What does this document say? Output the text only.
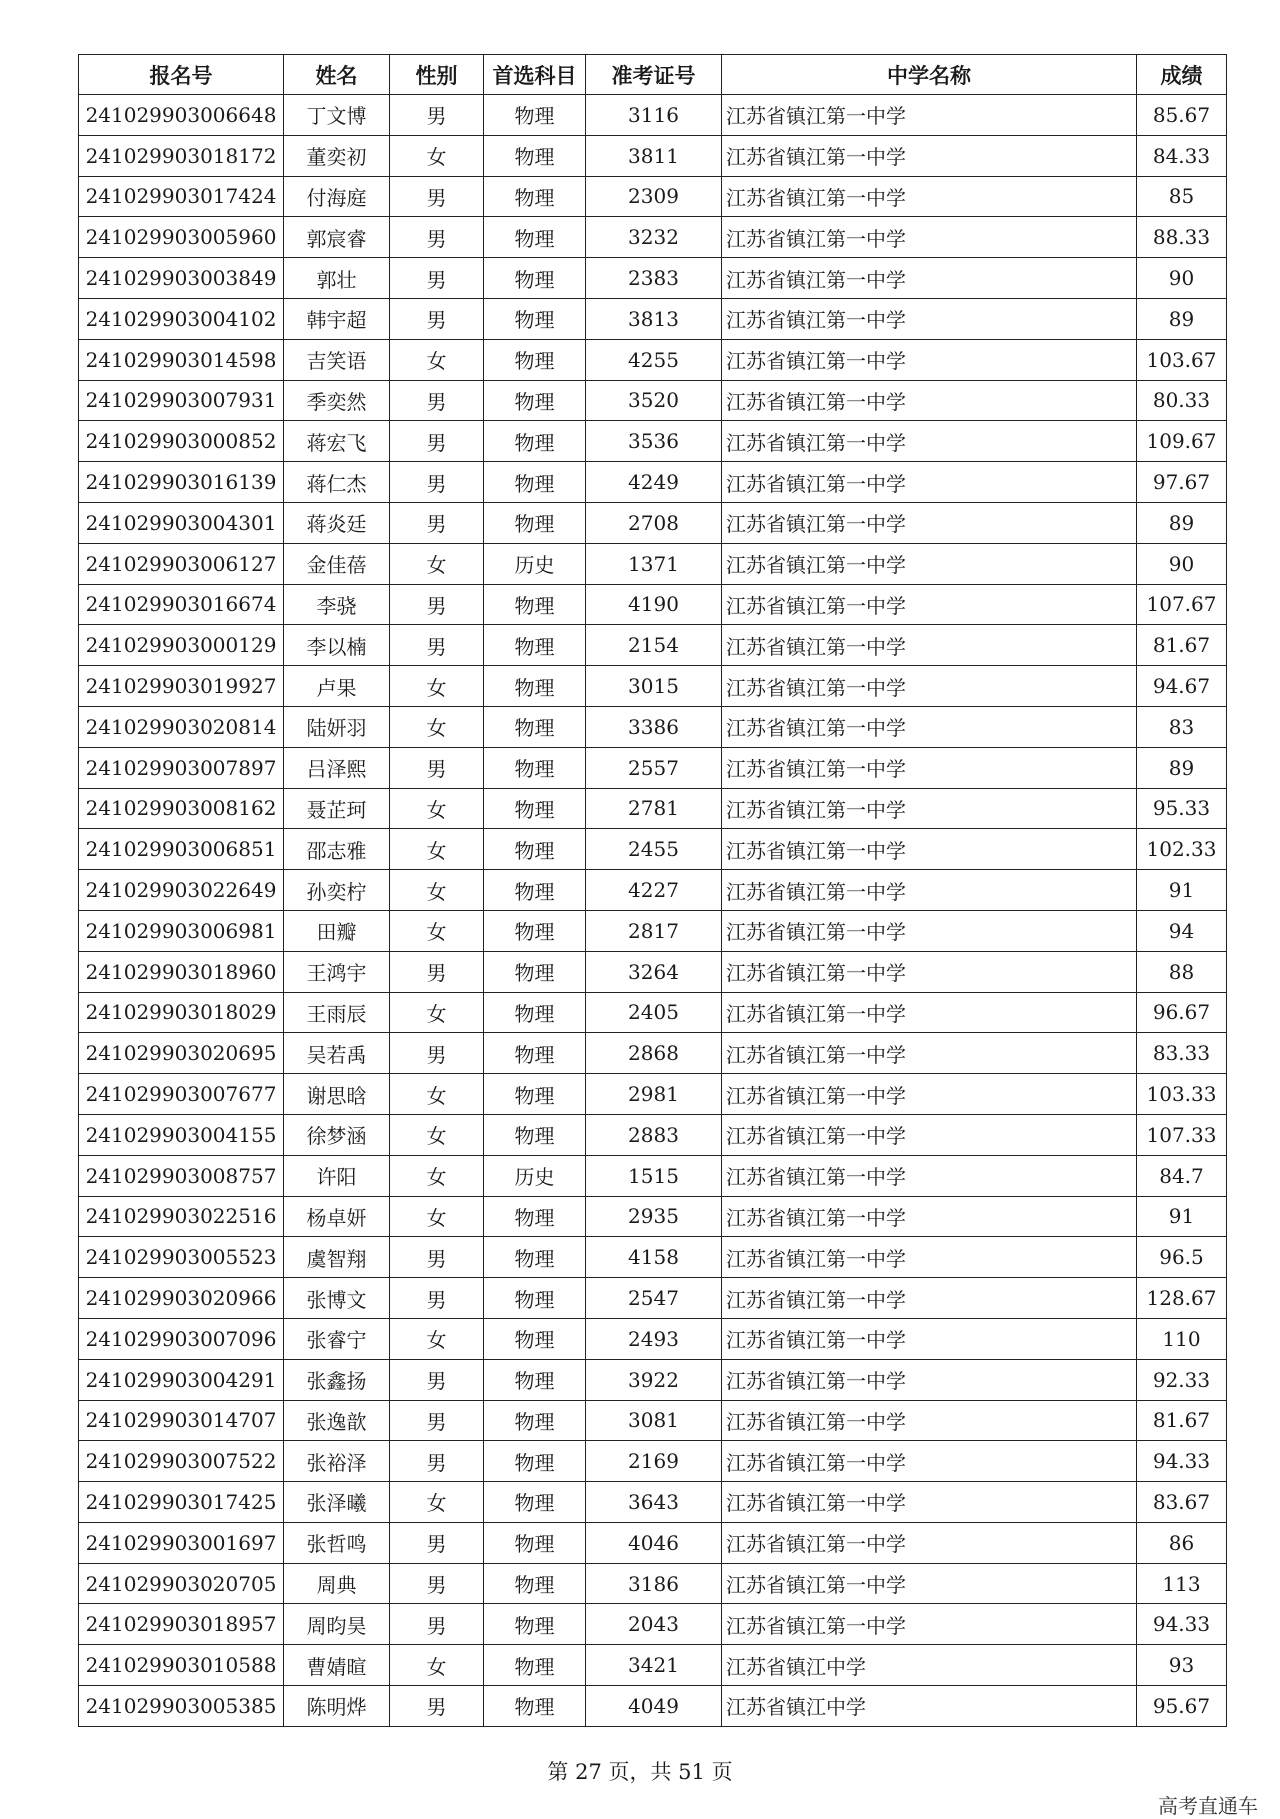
报名号	姓名	性别	首选科目	准考证号	中学名称	成绩
241029903006648	丁文博	男	物理	3116	江苏省镇江第一中学	85.67
241029903018172	董奕初	女	物理	3811	江苏省镇江第一中学	84.33
241029903017424	付海庭	男	物理	2309	江苏省镇江第一中学	85
241029903005960	郭宸睿	男	物理	3232	江苏省镇江第一中学	88.33
241029903003849	郭壮	男	物理	2383	江苏省镇江第一中学	90
241029903004102	韩宇超	男	物理	3813	江苏省镇江第一中学	89
241029903014598	吉笑语	女	物理	4255	江苏省镇江第一中学	103.67
241029903007931	季奕然	男	物理	3520	江苏省镇江第一中学	80.33
241029903000852	蒋宏飞	男	物理	3536	江苏省镇江第一中学	109.67
241029903016139	蒋仁杰	男	物理	4249	江苏省镇江第一中学	97.67
241029903004301	蒋炎廷	男	物理	2708	江苏省镇江第一中学	89
241029903006127	金佳蓓	女	历史	1371	江苏省镇江第一中学	90
241029903016674	李骁	男	物理	4190	江苏省镇江第一中学	107.67
241029903000129	李以楠	男	物理	2154	江苏省镇江第一中学	81.67
241029903019927	卢果	女	物理	3015	江苏省镇江第一中学	94.67
241029903020814	陆妍羽	女	物理	3386	江苏省镇江第一中学	83
241029903007897	吕泽熙	男	物理	2557	江苏省镇江第一中学	89
241029903008162	聂芷珂	女	物理	2781	江苏省镇江第一中学	95.33
241029903006851	邵志雅	女	物理	2455	江苏省镇江第一中学	102.33
241029903022649	孙奕柠	女	物理	4227	江苏省镇江第一中学	91
241029903006981	田瓣	女	物理	2817	江苏省镇江第一中学	94
241029903018960	王鸿宇	男	物理	3264	江苏省镇江第一中学	88
241029903018029	王雨辰	女	物理	2405	江苏省镇江第一中学	96.67
241029903020695	吴若禹	男	物理	2868	江苏省镇江第一中学	83.33
241029903007677	谢思晗	女	物理	2981	江苏省镇江第一中学	103.33
241029903004155	徐梦涵	女	物理	2883	江苏省镇江第一中学	107.33
241029903008757	许阳	女	历史	1515	江苏省镇江第一中学	84.7
241029903022516	杨卓妍	女	物理	2935	江苏省镇江第一中学	91
241029903005523	虞智翔	男	物理	4158	江苏省镇江第一中学	96.5
241029903020966	张博文	男	物理	2547	江苏省镇江第一中学	128.67
241029903007096	张睿宁	女	物理	2493	江苏省镇江第一中学	110
241029903004291	张鑫扬	男	物理	3922	江苏省镇江第一中学	92.33
241029903014707	张逸歆	男	物理	3081	江苏省镇江第一中学	81.67
241029903007522	张裕泽	男	物理	2169	江苏省镇江第一中学	94.33
241029903017425	张泽曦	女	物理	3643	江苏省镇江第一中学	83.67
241029903001697	张哲鸣	男	物理	4046	江苏省镇江第一中学	86
241029903020705	周典	男	物理	3186	江苏省镇江第一中学	113
241029903018957	周昀昊	男	物理	2043	江苏省镇江第一中学	94.33
241029903010588	曹婧暄	女	物理	3421	江苏省镇江中学	93
241029903005385	陈明烨	男	物理	4049	江苏省镇江中学	95.67
第 27 页，共 51 页
高考直通车
